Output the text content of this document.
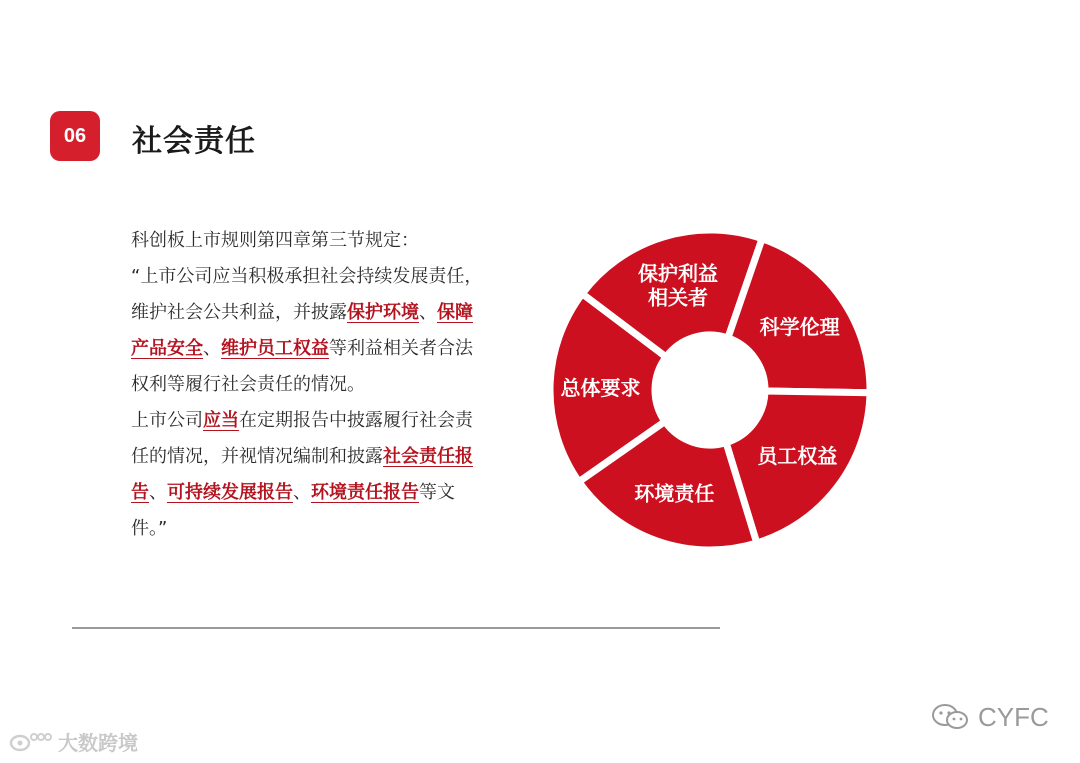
06 社会责任

科创板上市规则第四章第三节规定：

“上市公司应当积极承担社会持续发展责任，维护社会公共利益，并披露保护环境、保障产品安全、维护员工权益等利益相关者合法权利等履行社会责任的情况。

上市公司应当在定期报告中披露履行社会责任的情况，并视情况编制和披露社会责任报告、可持续发展报告、环境责任报告等文件。”

总体要求
保护利益
相关者
科学伦理
员工权益
环境责任
大数跨境
CYFC
